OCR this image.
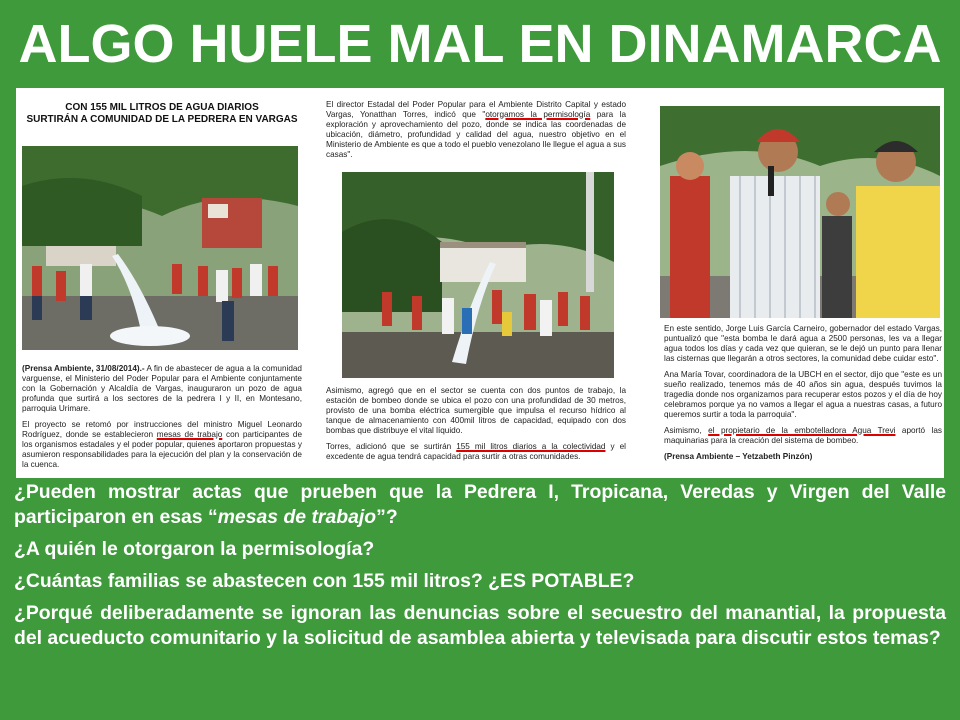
ALGO HUELE MAL EN DINAMARCA
CON 155 MIL LITROS DE AGUA DIARIOS
SURTIRÁN A COMUNIDAD DE LA PEDRERA EN VARGAS

(Prensa Ambiente, 31/08/2014).- A fin de abastecer de agua a la comunidad varguense, el Ministerio del Poder Popular para el Ambiente conjuntamente con la Gobernación y Alcaldía de Vargas, inauguraron un pozo de agua profunda que surtirá a los sectores de la pedrera I y II, en Montesano, parroquia Urimare.

El proyecto se retomó por instrucciones del ministro Miguel Leonardo Rodríguez, donde se establecieron mesas de trabajo con participantes de los organismos estadales y el poder popular, quienes aportaron propuestas y asumieron responsabilidades para la ejecución del plan y la conservación de la cuenca.

El director Estadal del Poder Popular para el Ambiente Distrito Capital y estado Vargas, Yonatthan Torres, indicó que "otorgamos la permisología para la exploración y aprovechamiento del pozo, donde se indica las coordenadas de ubicación, diámetro, profundidad y calidad del agua, nuestro objetivo en el Ministerio de Ambiente es que a todo el pueblo venezolano lle llegue el agua a sus casas".

Asimismo, agregó que en el sector se cuenta con dos puntos de trabajo, la estación de bombeo donde se ubica el pozo con una profundidad de 30 metros, provisto de una bomba eléctrica sumergible que impulsa el recurso hídrico al tanque de almacenamiento con 400mil litros de capacidad, equipado con dos bombas que distribuye el vital líquido.

Torres, adicionó que se surtirán 155 mil litros diarios a la colectividad y el excedente de agua tendrá capacidad para surtir a otras comunidades.

En este sentido, Jorge Luis García Carneiro, gobernador del estado Vargas, puntualizó que "esta bomba le dará agua a 2500 personas, les va a llegar agua todos los días y cada vez que quieran, se le dejó un punto para llenar las cisternas que llegarán a otros sectores, la comunidad debe cuidar esto".

Ana María Tovar, coordinadora de la UBCH en el sector, dijo que "este es un sueño realizado, tenemos más de 40 años sin agua, después tuvimos la tragedia donde nos organizamos para recuperar estos pozos y el día de hoy celebramos porque ya no vamos a llegar el agua a nuestras casas, a futuro queremos surtir a toda la parroquia".

Asimismo, el propietario de la embotelladora Agua Trevi aportó las maquinarias para la creación del sistema de bombeo.

(Prensa Ambiente – Yetzabeth Pinzón)

¿Pueden mostrar actas que prueben que la Pedrera I, Tropicana, Veredas y Virgen del Valle participaron en esas “mesas de trabajo”?

¿A quién le otorgaron la permisología?

¿Cuántas familias se abastecen con 155 mil litros? ¿ES POTABLE?

¿Porqué deliberadamente se ignoran las denuncias sobre el secuestro del manantial, la propuesta del acueducto comunitario y la solicitud de asamblea abierta y televisada para discutir estos temas?
